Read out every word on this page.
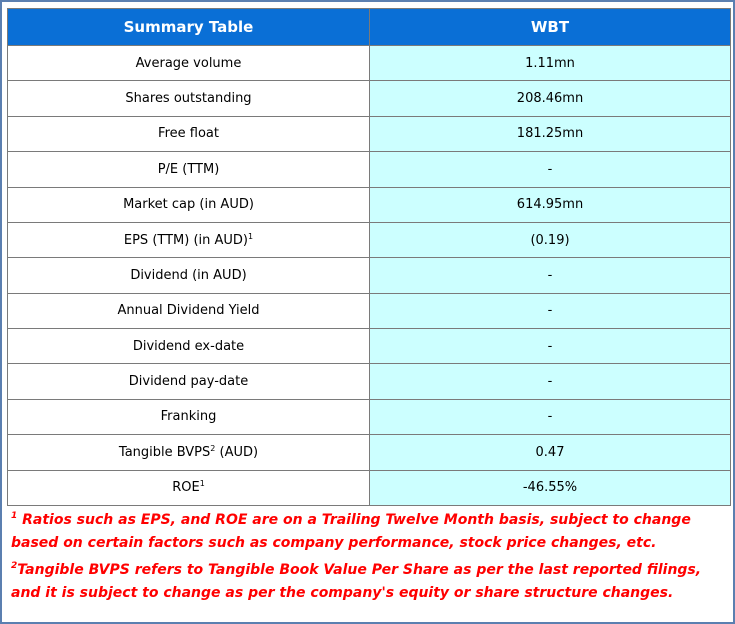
Summary Table	WBT
Average volume	1.11mn
Shares outstanding	208.46mn
Free float	181.25mn
P/E (TTM)	-
Market cap (in AUD)	614.95mn
EPS (TTM) (in AUD)$^1$	(0.19)
Dividend (in AUD)	-
Annual Dividend Yield	-
Dividend ex-date	-
Dividend pay-date	-
Franking	-
Tangible BVPS$^2$ (AUD)	0.47
ROE$^1$	-46.55%

$^1$ Ratios such as EPS, and ROE are on a Trailing Twelve Month basis, subject to change based on certain factors such as company performance, stock price changes, etc.

$^2$Tangible BVPS refers to Tangible Book Value Per Share as per the last reported filings, and it is subject to change as per the company's equity or share structure changes.
